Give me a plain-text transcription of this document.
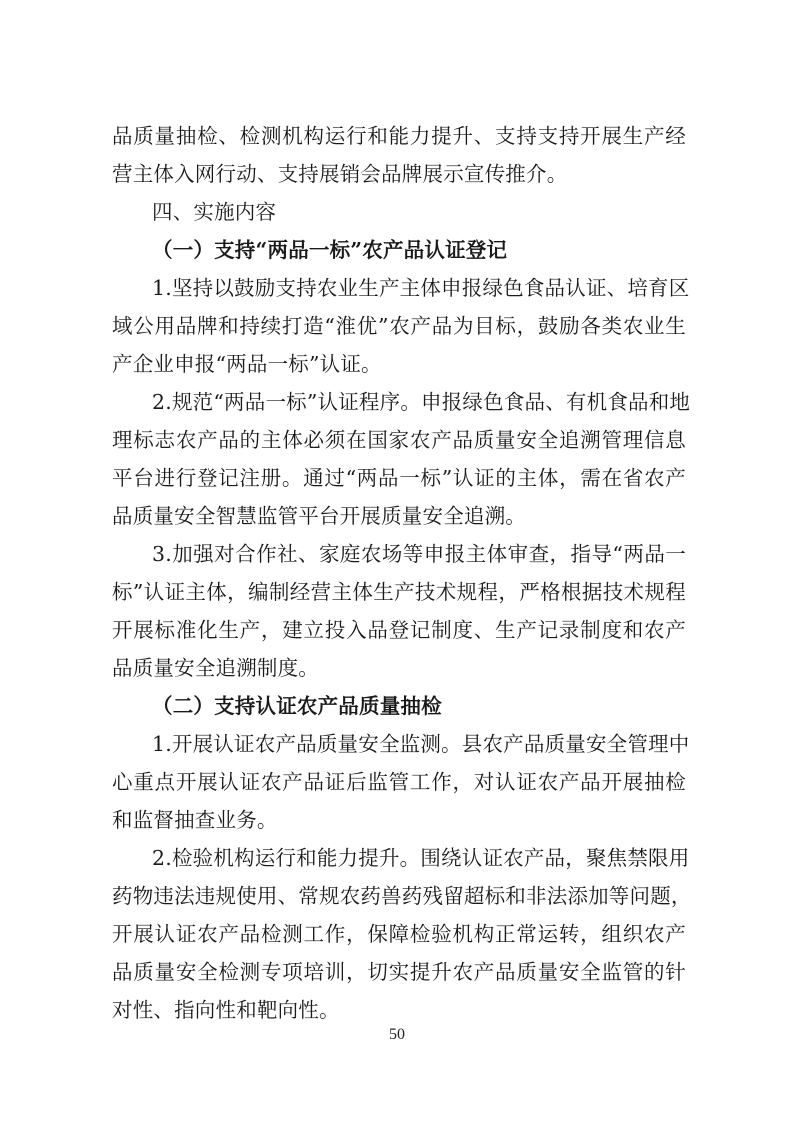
品质量抽检、检测机构运行和能力提升、支持支持开展生产经
营主体入网行动、支持展销会品牌展示宣传推介。
四、实施内容
（一）支持“两品一标”农产品认证登记
1.坚持以鼓励支持农业生产主体申报绿色食品认证、培育区
域公用品牌和持续打造“淮优”农产品为目标，鼓励各类农业生
产企业申报“两品一标”认证。
2.规范“两品一标”认证程序。申报绿色食品、有机食品和地
理标志农产品的主体必须在国家农产品质量安全追溯管理信息
平台进行登记注册。通过“两品一标”认证的主体，需在省农产
品质量安全智慧监管平台开展质量安全追溯。
3.加强对合作社、家庭农场等申报主体审查，指导“两品一
标”认证主体，编制经营主体生产技术规程，严格根据技术规程
开展标准化生产，建立投入品登记制度、生产记录制度和农产
品质量安全追溯制度。
（二）支持认证农产品质量抽检
1.开展认证农产品质量安全监测。县农产品质量安全管理中
心重点开展认证农产品证后监管工作，对认证农产品开展抽检
和监督抽查业务。
2.检验机构运行和能力提升。围绕认证农产品，聚焦禁限用
药物违法违规使用、常规农药兽药残留超标和非法添加等问题，
开展认证农产品检测工作，保障检验机构正常运转，组织农产
品质量安全检测专项培训，切实提升农产品质量安全监管的针
对性、指向性和靶向性。
50
